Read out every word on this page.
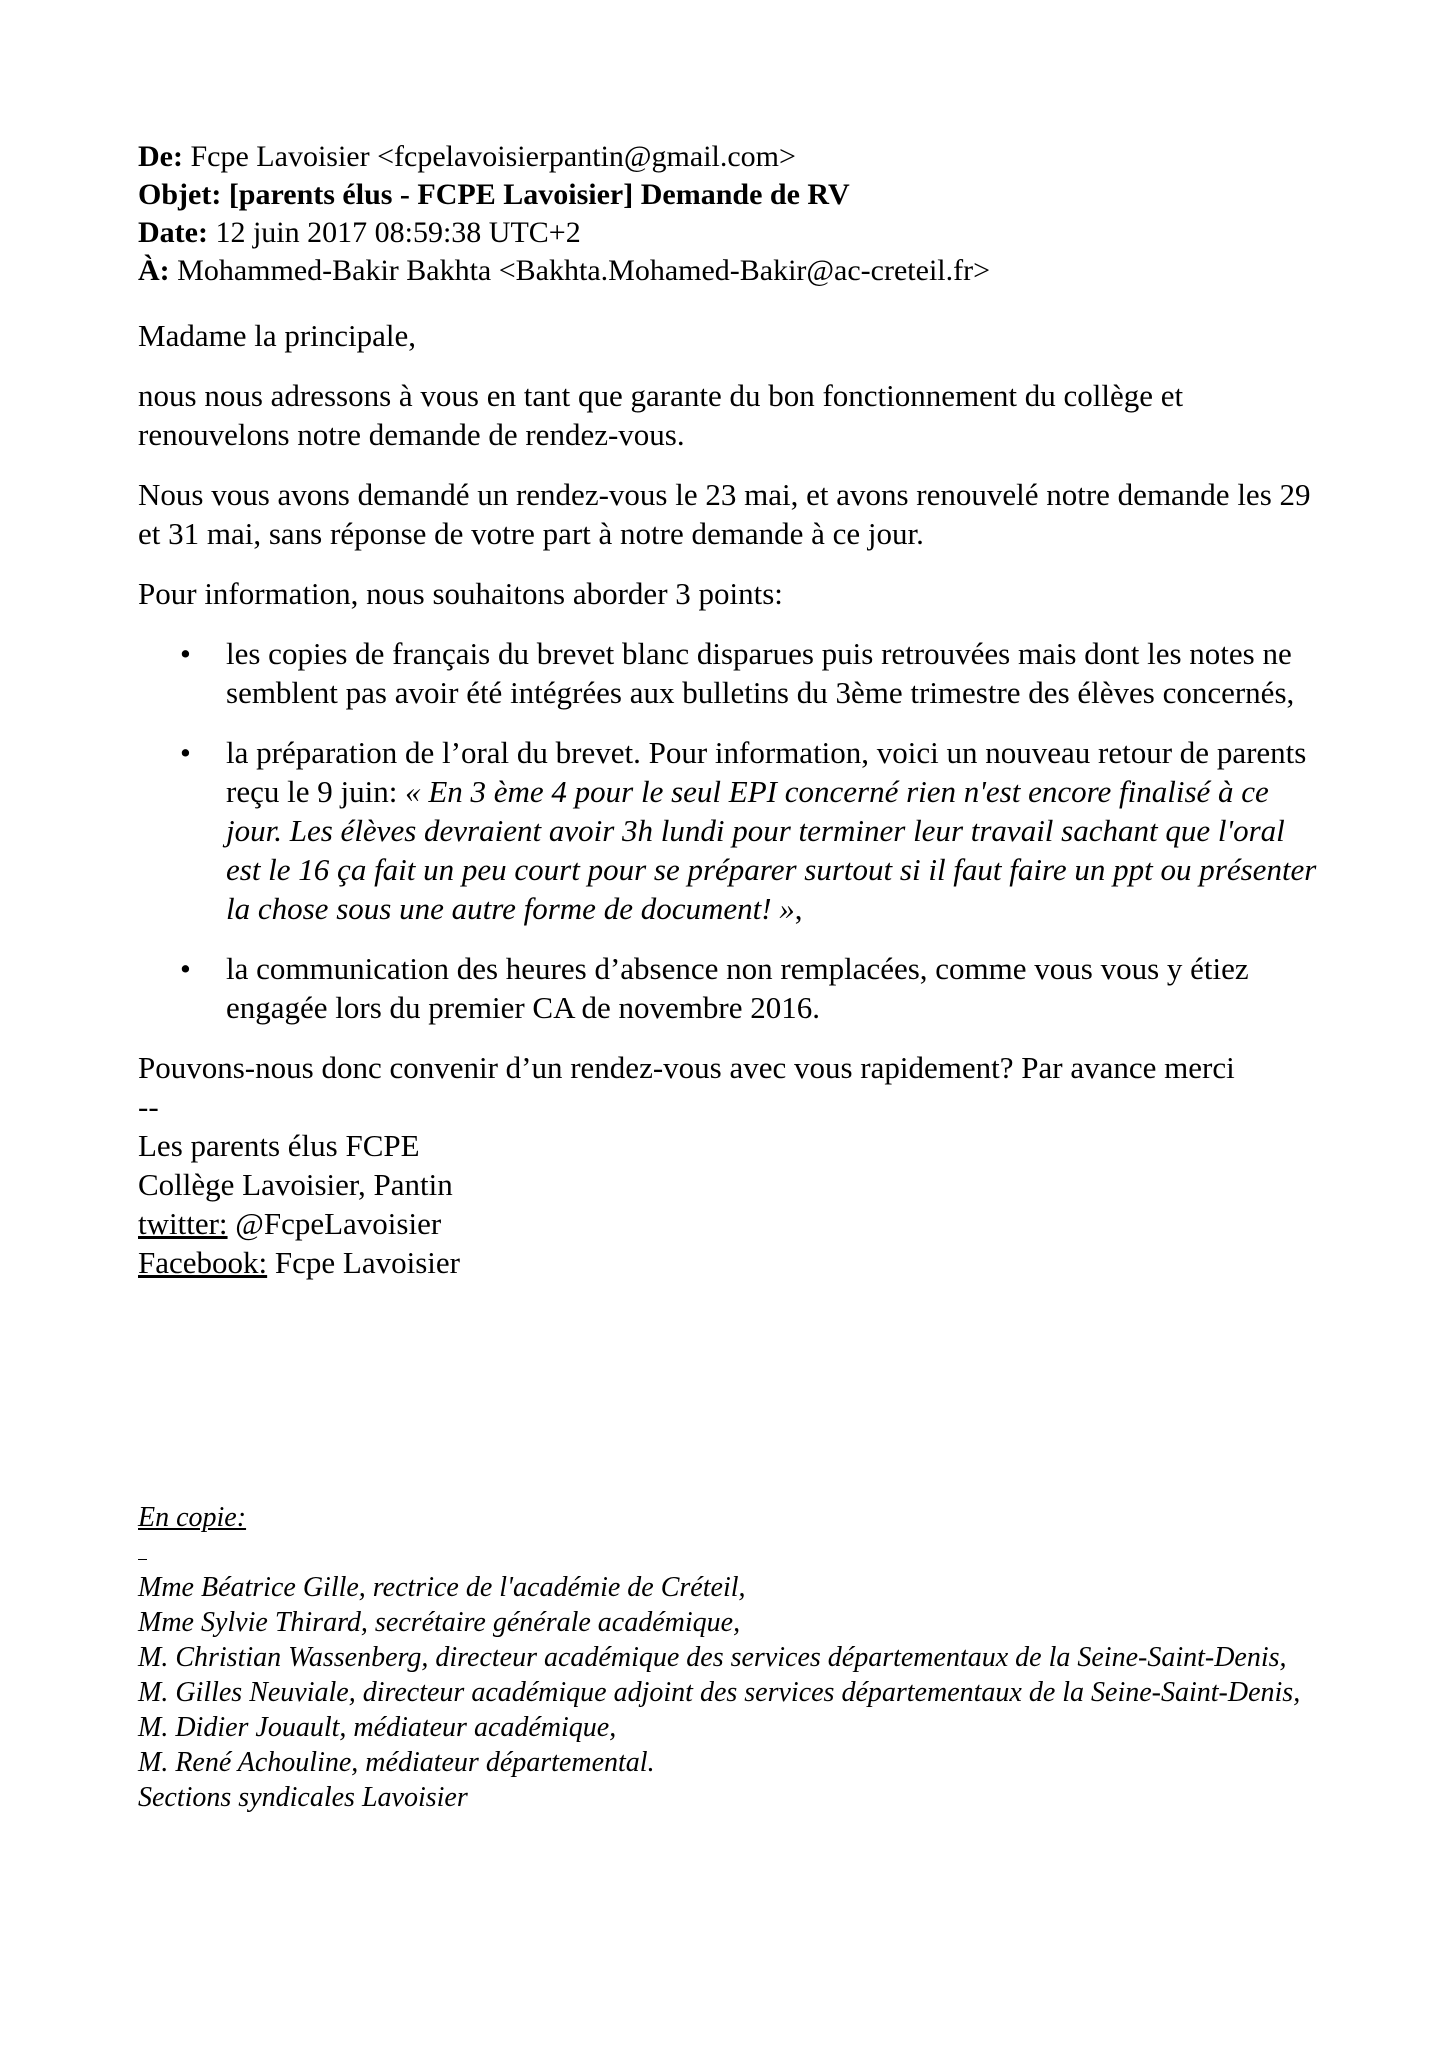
De: Fcpe Lavoisier <fcpelavoisierpantin@gmail.com>

Objet: [parents élus - FCPE Lavoisier] Demande de RV

Date: 12 juin 2017 08:59:38 UTC+2

À: Mohammed-Bakir Bakhta <Bakhta.Mohamed-Bakir@ac-creteil.fr>

Madame la principale,

nous nous adressons à vous en tant que garante du bon fonctionnement du collège et renouvelons notre demande de rendez-vous.

Nous vous avons demandé un rendez-vous le 23 mai, et avons renouvelé notre demande les 29 et 31 mai, sans réponse de votre part à notre demande à ce jour.

Pour information, nous souhaitons aborder 3 points:

• les copies de français du brevet blanc disparues puis retrouvées mais dont les notes ne semblent pas avoir été intégrées aux bulletins du 3ème trimestre des élèves concernés,
• la préparation de l’oral du brevet. Pour information, voici un nouveau retour de parents reçu le 9 juin: « En 3 ème 4 pour le seul EPI concerné rien n'est encore finalisé à ce jour. Les élèves devraient avoir 3h lundi pour terminer leur travail sachant que l'oral est le 16 ça fait un peu court pour se préparer surtout si il faut faire un ppt ou présenter la chose sous une autre forme de document! »,
• la communication des heures d’absence non remplacées, comme vous vous y étiez engagée lors du premier CA de novembre 2016.

Pouvons-nous donc convenir d’un rendez-vous avec vous rapidement? Par avance merci

--

Les parents élus FCPE

Collège Lavoisier, Pantin

twitter: @FcpeLavoisier

Facebook: Fcpe Lavoisier

En copie:

Mme Béatrice Gille, rectrice de l'académie de Créteil,

Mme Sylvie Thirard, secrétaire générale académique,

M. Christian Wassenberg, directeur académique des services départementaux de la Seine-Saint-Denis,

M. Gilles Neuviale, directeur académique adjoint des services départementaux de la Seine-Saint-Denis,

M. Didier Jouault, médiateur académique,

M. René Achouline, médiateur départemental.

Sections syndicales Lavoisier
